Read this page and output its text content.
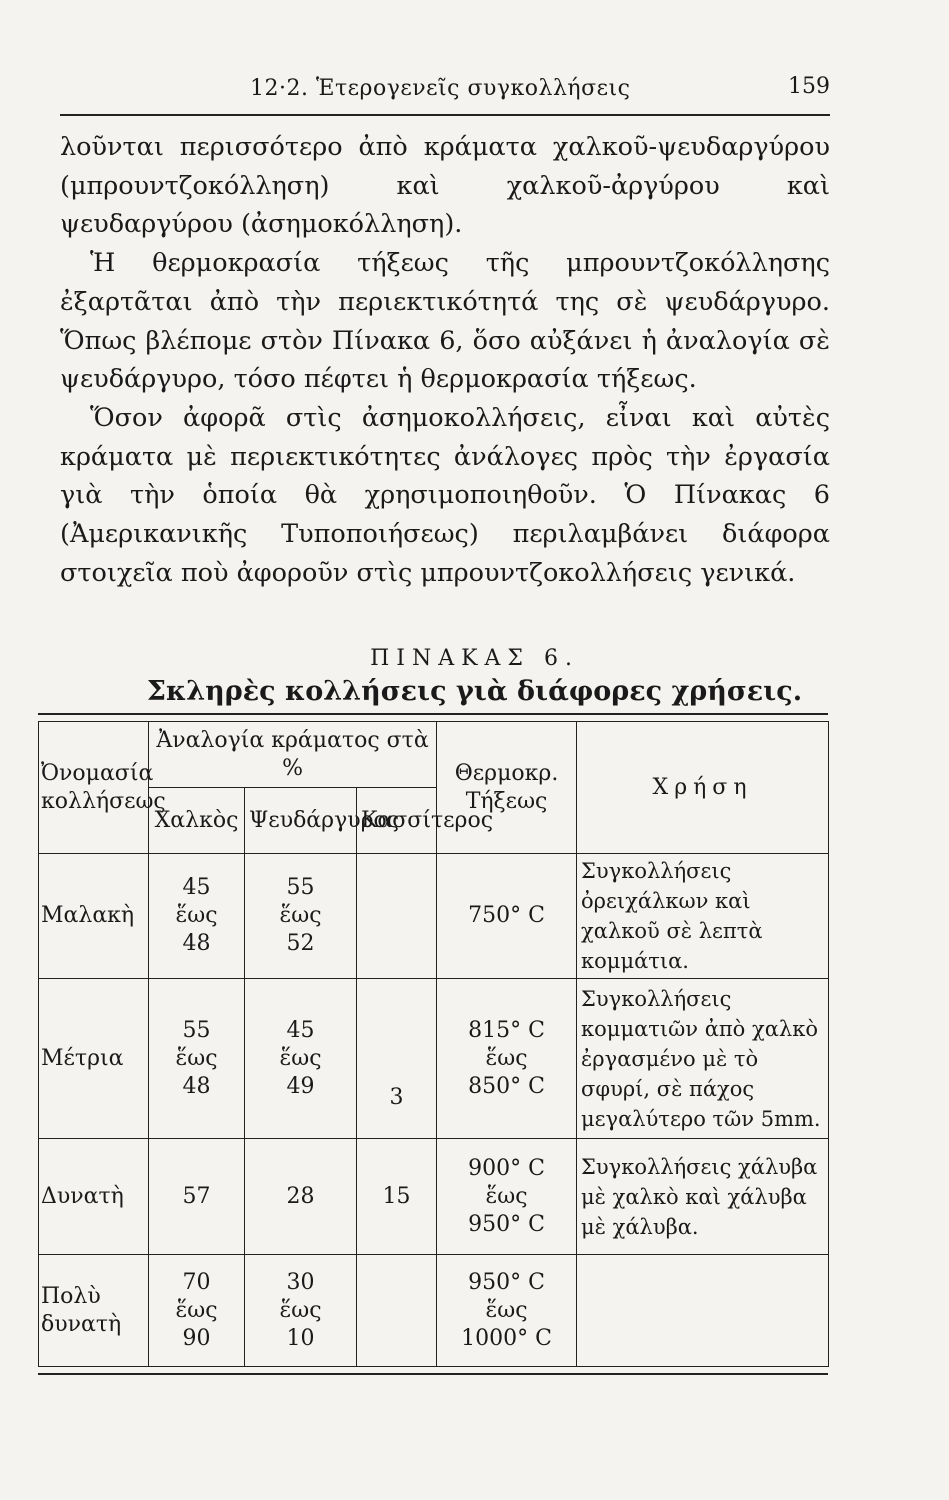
12·2. Ἑτερογενεῖς συγκολλήσεις	159

λοῦνται περισσότερο ἀπὸ κράματα χαλκοῦ-ψευδαργύρου (μπρουντζοκόλληση) καὶ χαλκοῦ-ἀργύρου καὶ ψευδαργύρου (ἀσημοκόλληση).

Ἡ θερμοκρασία τήξεως τῆς μπρουντζοκόλλησης ἐξαρτᾶται ἀπὸ τὴν περιεκτικότητά της σὲ ψευδάργυρο. Ὅπως βλέπομε στὸν Πίνακα 6, ὅσο αὐξάνει ἡ ἀναλογία σὲ ψευδάργυρο, τόσο πέφτει ἡ θερμοκρασία τήξεως.

Ὅσον ἀφορᾶ στὶς ἀσημοκολλήσεις, εἶναι καὶ αὐτὲς κράματα μὲ περιεκτικότητες ἀνάλογες πρὸς τὴν ἐργασία γιὰ τὴν ὁποία θὰ χρησιμοποιηθοῦν. Ὁ Πίνακας 6 (Ἀμερικανικῆς Τυποποιήσεως) περιλαμβάνει διάφορα στοιχεῖα ποὺ ἀφοροῦν στὶς μπρουντζοκολλήσεις γενικά.

ΠΙΝΑΚΑΣ 6.
Σκληρὲς κολλήσεις γιὰ διάφορες χρήσεις.
Ὀνομασία κολλήσεως	Ἀναλογία κράματος στὰ %			Θερμοκρ. Τήξεως	Χρήση
	Χαλκὸς	Ψευδάργυρος	Κασσίτερος		
Μαλακὴ	45
ἕως
48	55
ἕως
52		750° C	Συγκολλήσεις ὀρειχάλκων καὶ χαλκοῦ σὲ λεπτὰ κομμάτια.
Μέτρια	55
ἕως
48	45
ἕως
49	3	815° C
ἕως
850° C	Συγκολλήσεις κομματιῶν ἀπὸ χαλκὸ ἐργασμένο μὲ τὸ σφυρί, σὲ πάχος μεγαλύτερο τῶν 5mm.
Δυνατὴ	57	28	15	900° C
ἕως
950° C	Συγκολλήσεις χάλυβα μὲ χαλκὸ καὶ χάλυβα μὲ χάλυβα.
Πολὺ δυνατὴ	70
ἕως
90	30
ἕως
10		950° C
ἕως
1000° C	
